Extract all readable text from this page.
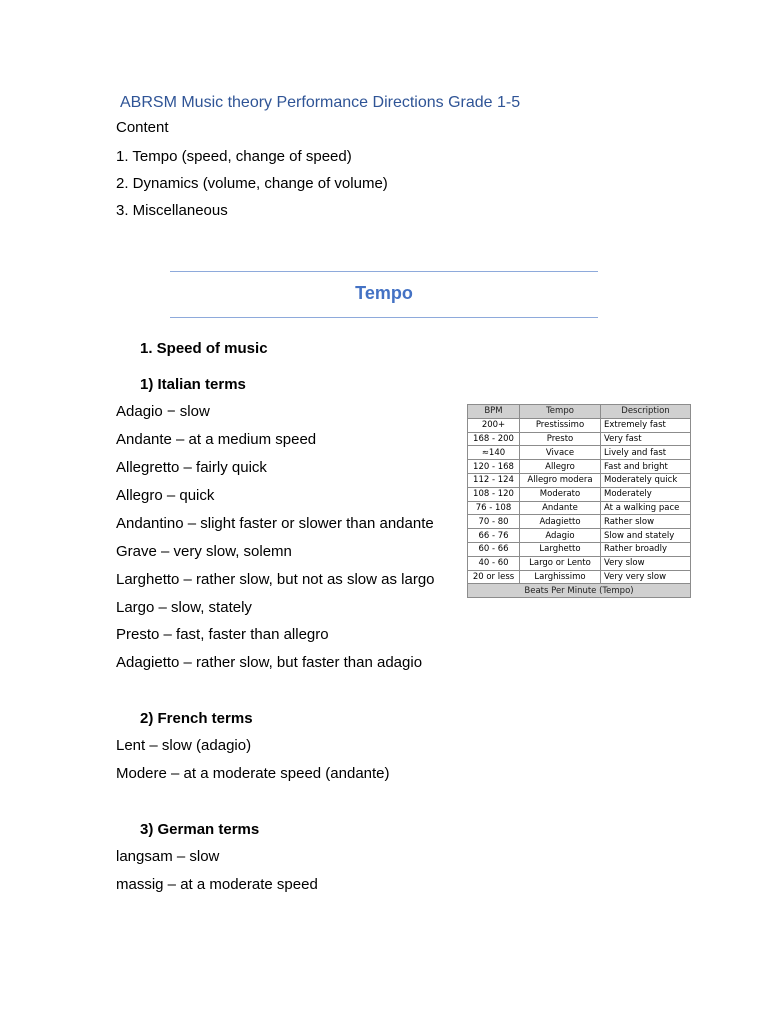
ABRSM Music theory Performance Directions Grade 1-5
Content
1. Tempo (speed, change of speed)
2. Dynamics (volume, change of volume)
3. Miscellaneous
Tempo
1. Speed of music
1) Italian terms
Adagio − slow
Andante – at a medium speed
Allegretto – fairly quick
Allegro – quick
Andantino – slight faster or slower than andante
Grave – very slow, solemn
Larghetto – rather slow, but not as slow as largo
Largo – slow, stately
Presto – fast, faster than allegro
Adagietto – rather slow, but faster than adagio
BPM	Tempo	Description
200+	Prestissimo	Extremely fast
168 - 200	Presto	Very fast
≈140	Vivace	Lively and fast
120 - 168	Allegro	Fast and bright
112 - 124	Allegro modera	Moderately quick
108 - 120	Moderato	Moderately
76 - 108	Andante	At a walking pace
70 - 80	Adagietto	Rather slow
66 - 76	Adagio	Slow and stately
60 - 66	Larghetto	Rather broadly
40 - 60	Largo or Lento	Very slow
20 or less	Larghissimo	Very very slow
Beats Per Minute (Tempo)		
2) French terms
Lent – slow (adagio)
Modere – at a moderate speed (andante)
3) German terms
langsam – slow
massig – at a moderate speed
